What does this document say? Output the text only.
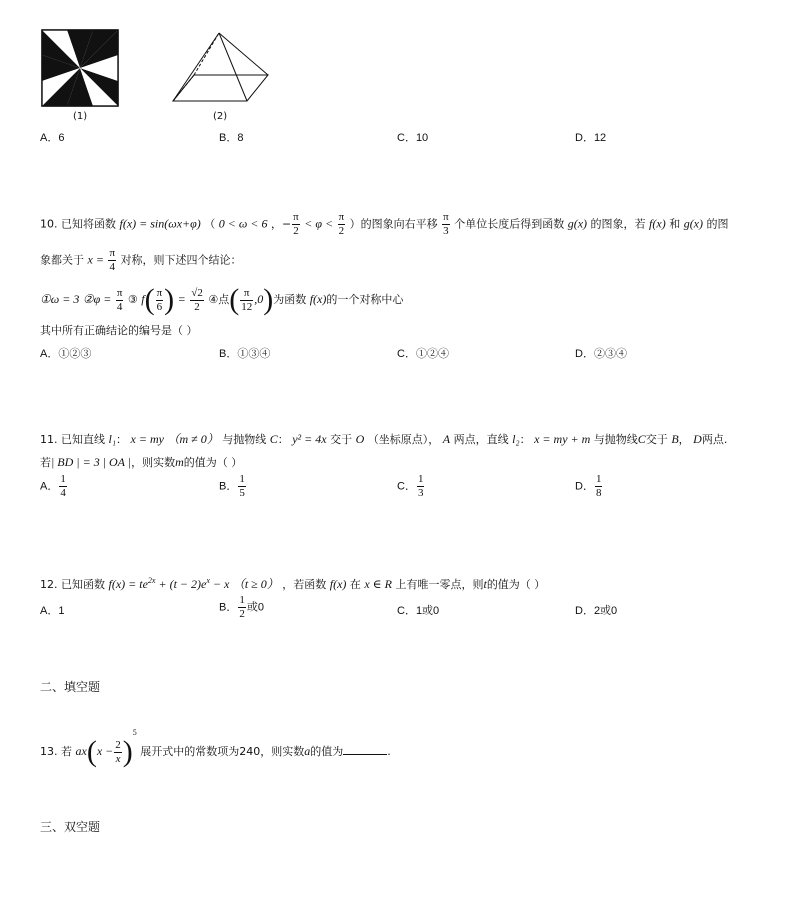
(1)	(2)
A．6	B．8	C．10	D．12
10. 已知将函数 f(x) = sin(ωx+φ) （ 0 < ω < 6 ，− $\frac{\pi}{2} < \varphi < \frac{\pi}{2}$ ）的图象向右平移 $\frac{\pi}{3}$ 个单位长度后得到函数 g(x) 的图象，若 f(x) 和 g(x) 的图
象都关于 $x = \frac{\pi}{4}$ 对称，则下述四个结论：
①ω = 3 ②φ = $\frac{\pi}{4}$ ③ $f( \frac{\pi}{6}$ ) = $\frac{√2}{2}$ ④点( $\frac{\pi}{12} ,0$)为函数 f(x)的一个对称中心
其中所有正确结论的编号是（ ）
A．①②③	B．①③④	C．①②④	D．②③④
11. 已知直线 l₁： x = my （m ≠ 0） 与抛物线 C： y² = 4x 交于 O （坐标原点）， A 两点，直线 l₂： x = my + m 与抛物线C交于 B， D两点.
若| BD | = 3 | OA |，则实数m的值为（ ）
A． $\frac{1}{4}$	B． $\frac{1}{5}$	C． $\frac{1}{3}$	D． $\frac{1}{8}$
12. 已知函数 $f(x) = te^{2x} + (t - 2)e^x - x$ （t ≥ 0） ，若函数 f(x) 在 x ∈ R 上有唯一零点，则t的值为（ ）
A．1	B． $\frac{1}{2}$ 或0	C．1或0	D．2或0
二、填空题
13. 若 $ax(x - \frac{2}{x} )^5$ 展开式中的常数项为240，则实数a的值为	.
三、双空题
